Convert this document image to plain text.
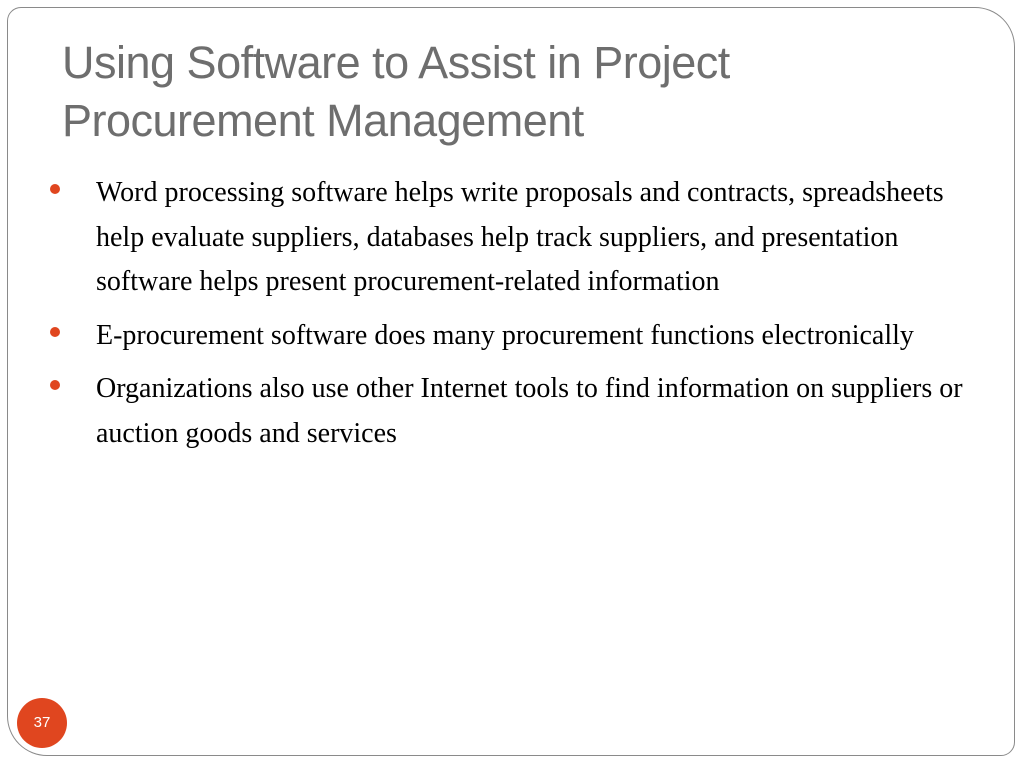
Using Software to Assist in Project Procurement Management
Word processing software helps write proposals and contracts, spreadsheets help evaluate suppliers, databases help track suppliers, and presentation software helps present procurement-related information
E-procurement software does many procurement functions electronically
Organizations also use other Internet tools to find information on suppliers or auction goods and services
37
